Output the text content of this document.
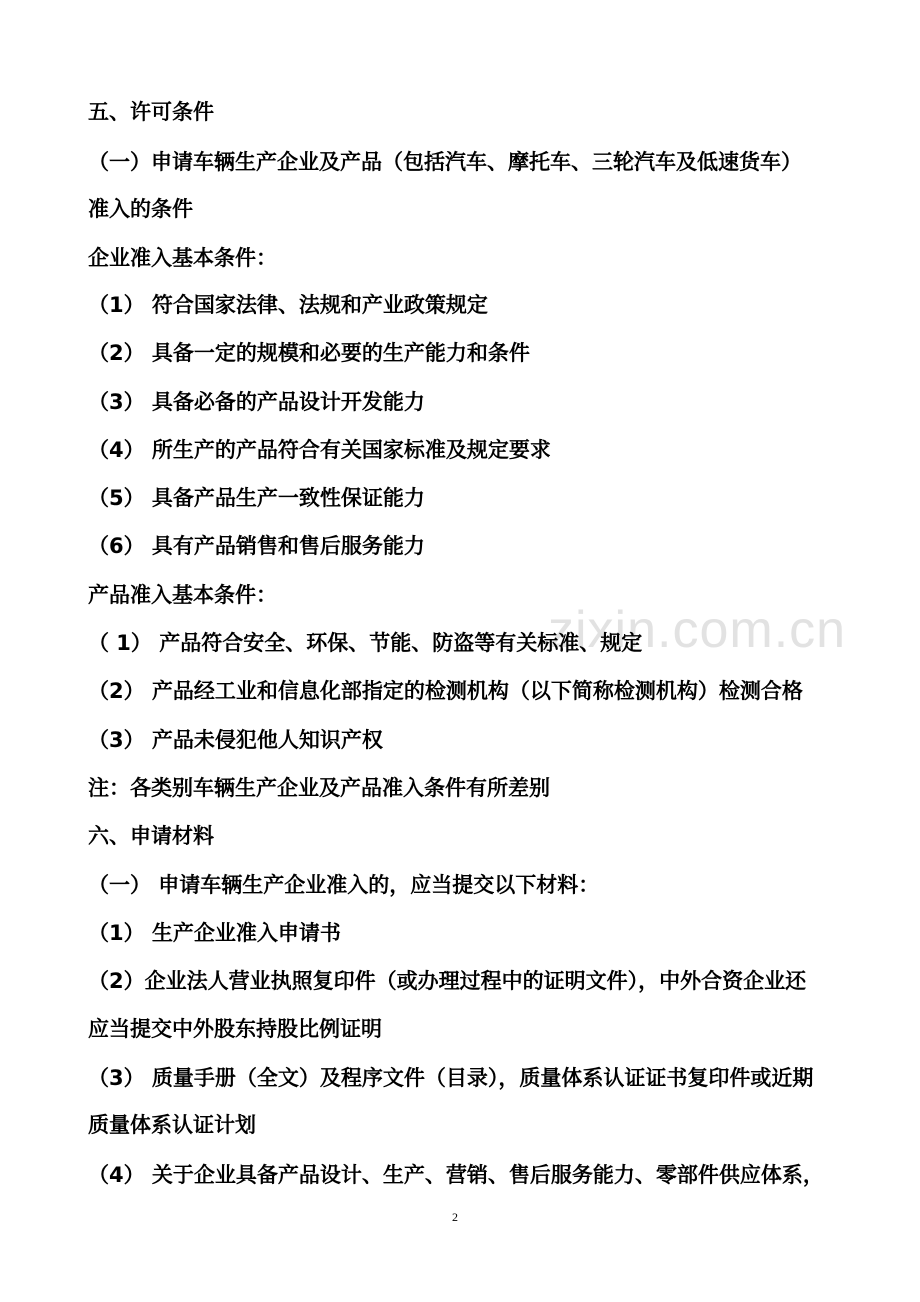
zixin.com.cn
五、许可条件
（一）申请车辆生产企业及产品（包括汽车、摩托车、三轮汽车及低速货车）
准入的条件
企业准入基本条件：
（1） 符合国家法律、法规和产业政策规定
（2） 具备一定的规模和必要的生产能力和条件
（3） 具备必备的产品设计开发能力
（4） 所生产的产品符合有关国家标准及规定要求
（5） 具备产品生产一致性保证能力
（6） 具有产品销售和售后服务能力
产品准入基本条件：
（ 1） 产品符合安全、环保、节能、防盗等有关标准、规定
（2） 产品经工业和信息化部指定的检测机构（以下简称检测机构）检测合格
（3） 产品未侵犯他人知识产权
注：各类别车辆生产企业及产品准入条件有所差别
六、申请材料
（一） 申请车辆生产企业准入的，应当提交以下材料：
（1） 生产企业准入申请书
（2）企业法人营业执照复印件（或办理过程中的证明文件），中外合资企业还
应当提交中外股东持股比例证明
（3） 质量手册（全文）及程序文件（目录），质量体系认证证书复印件或近期
质量体系认证计划
（4） 关于企业具备产品设计、生产、营销、售后服务能力、零部件供应体系，
2
